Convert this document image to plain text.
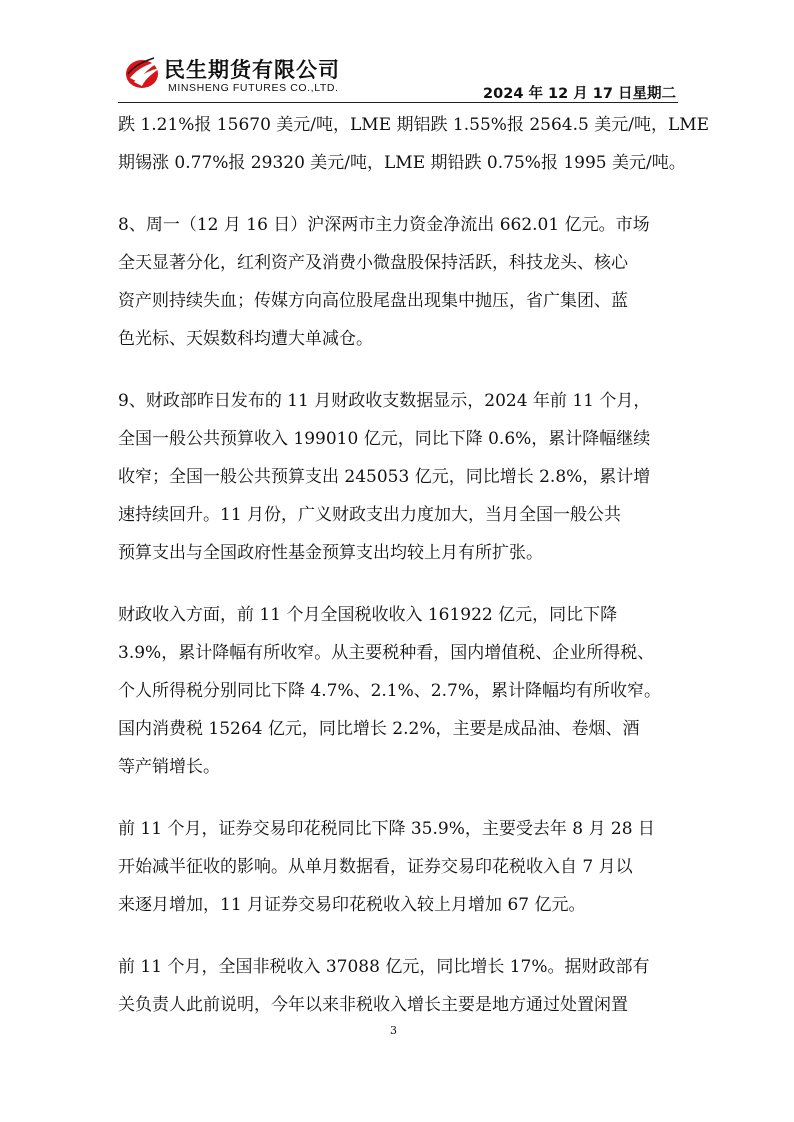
民生期货有限公司
MINSHENG FUTURES CO.,LTD.	2024 年 12 月 17 日星期二
跌 1.21%报 15670 美元/吨，LME 期铝跌 1.55%报 2564.5 美元/吨，LME
期锡涨 0.77%报 29320 美元/吨，LME 期铅跌 0.75%报 1995 美元/吨。
8、周一（12 月 16 日）沪深两市主力资金净流出 662.01 亿元。市场
全天显著分化，红利资产及消费小微盘股保持活跃，科技龙头、核心
资产则持续失血；传媒方向高位股尾盘出现集中抛压，省广集团、蓝
色光标、天娱数科均遭大单减仓。
9、财政部昨日发布的 11 月财政收支数据显示，2024 年前 11 个月，
全国一般公共预算收入 199010 亿元，同比下降 0.6%，累计降幅继续
收窄；全国一般公共预算支出 245053 亿元，同比增长 2.8%，累计增
速持续回升。11 月份，广义财政支出力度加大，当月全国一般公共
预算支出与全国政府性基金预算支出均较上月有所扩张。
财政收入方面，前 11 个月全国税收收入 161922 亿元，同比下降
3.9%，累计降幅有所收窄。从主要税种看，国内增值税、企业所得税、
个人所得税分别同比下降 4.7%、2.1%、2.7%，累计降幅均有所收窄。
国内消费税 15264 亿元，同比增长 2.2%，主要是成品油、卷烟、酒
等产销增长。
前 11 个月，证券交易印花税同比下降 35.9%，主要受去年 8 月 28 日
开始减半征收的影响。从单月数据看，证券交易印花税收入自 7 月以
来逐月增加，11 月证券交易印花税收入较上月增加 67 亿元。
前 11 个月，全国非税收入 37088 亿元，同比增长 17%。据财政部有
关负责人此前说明，今年以来非税收入增长主要是地方通过处置闲置
3
